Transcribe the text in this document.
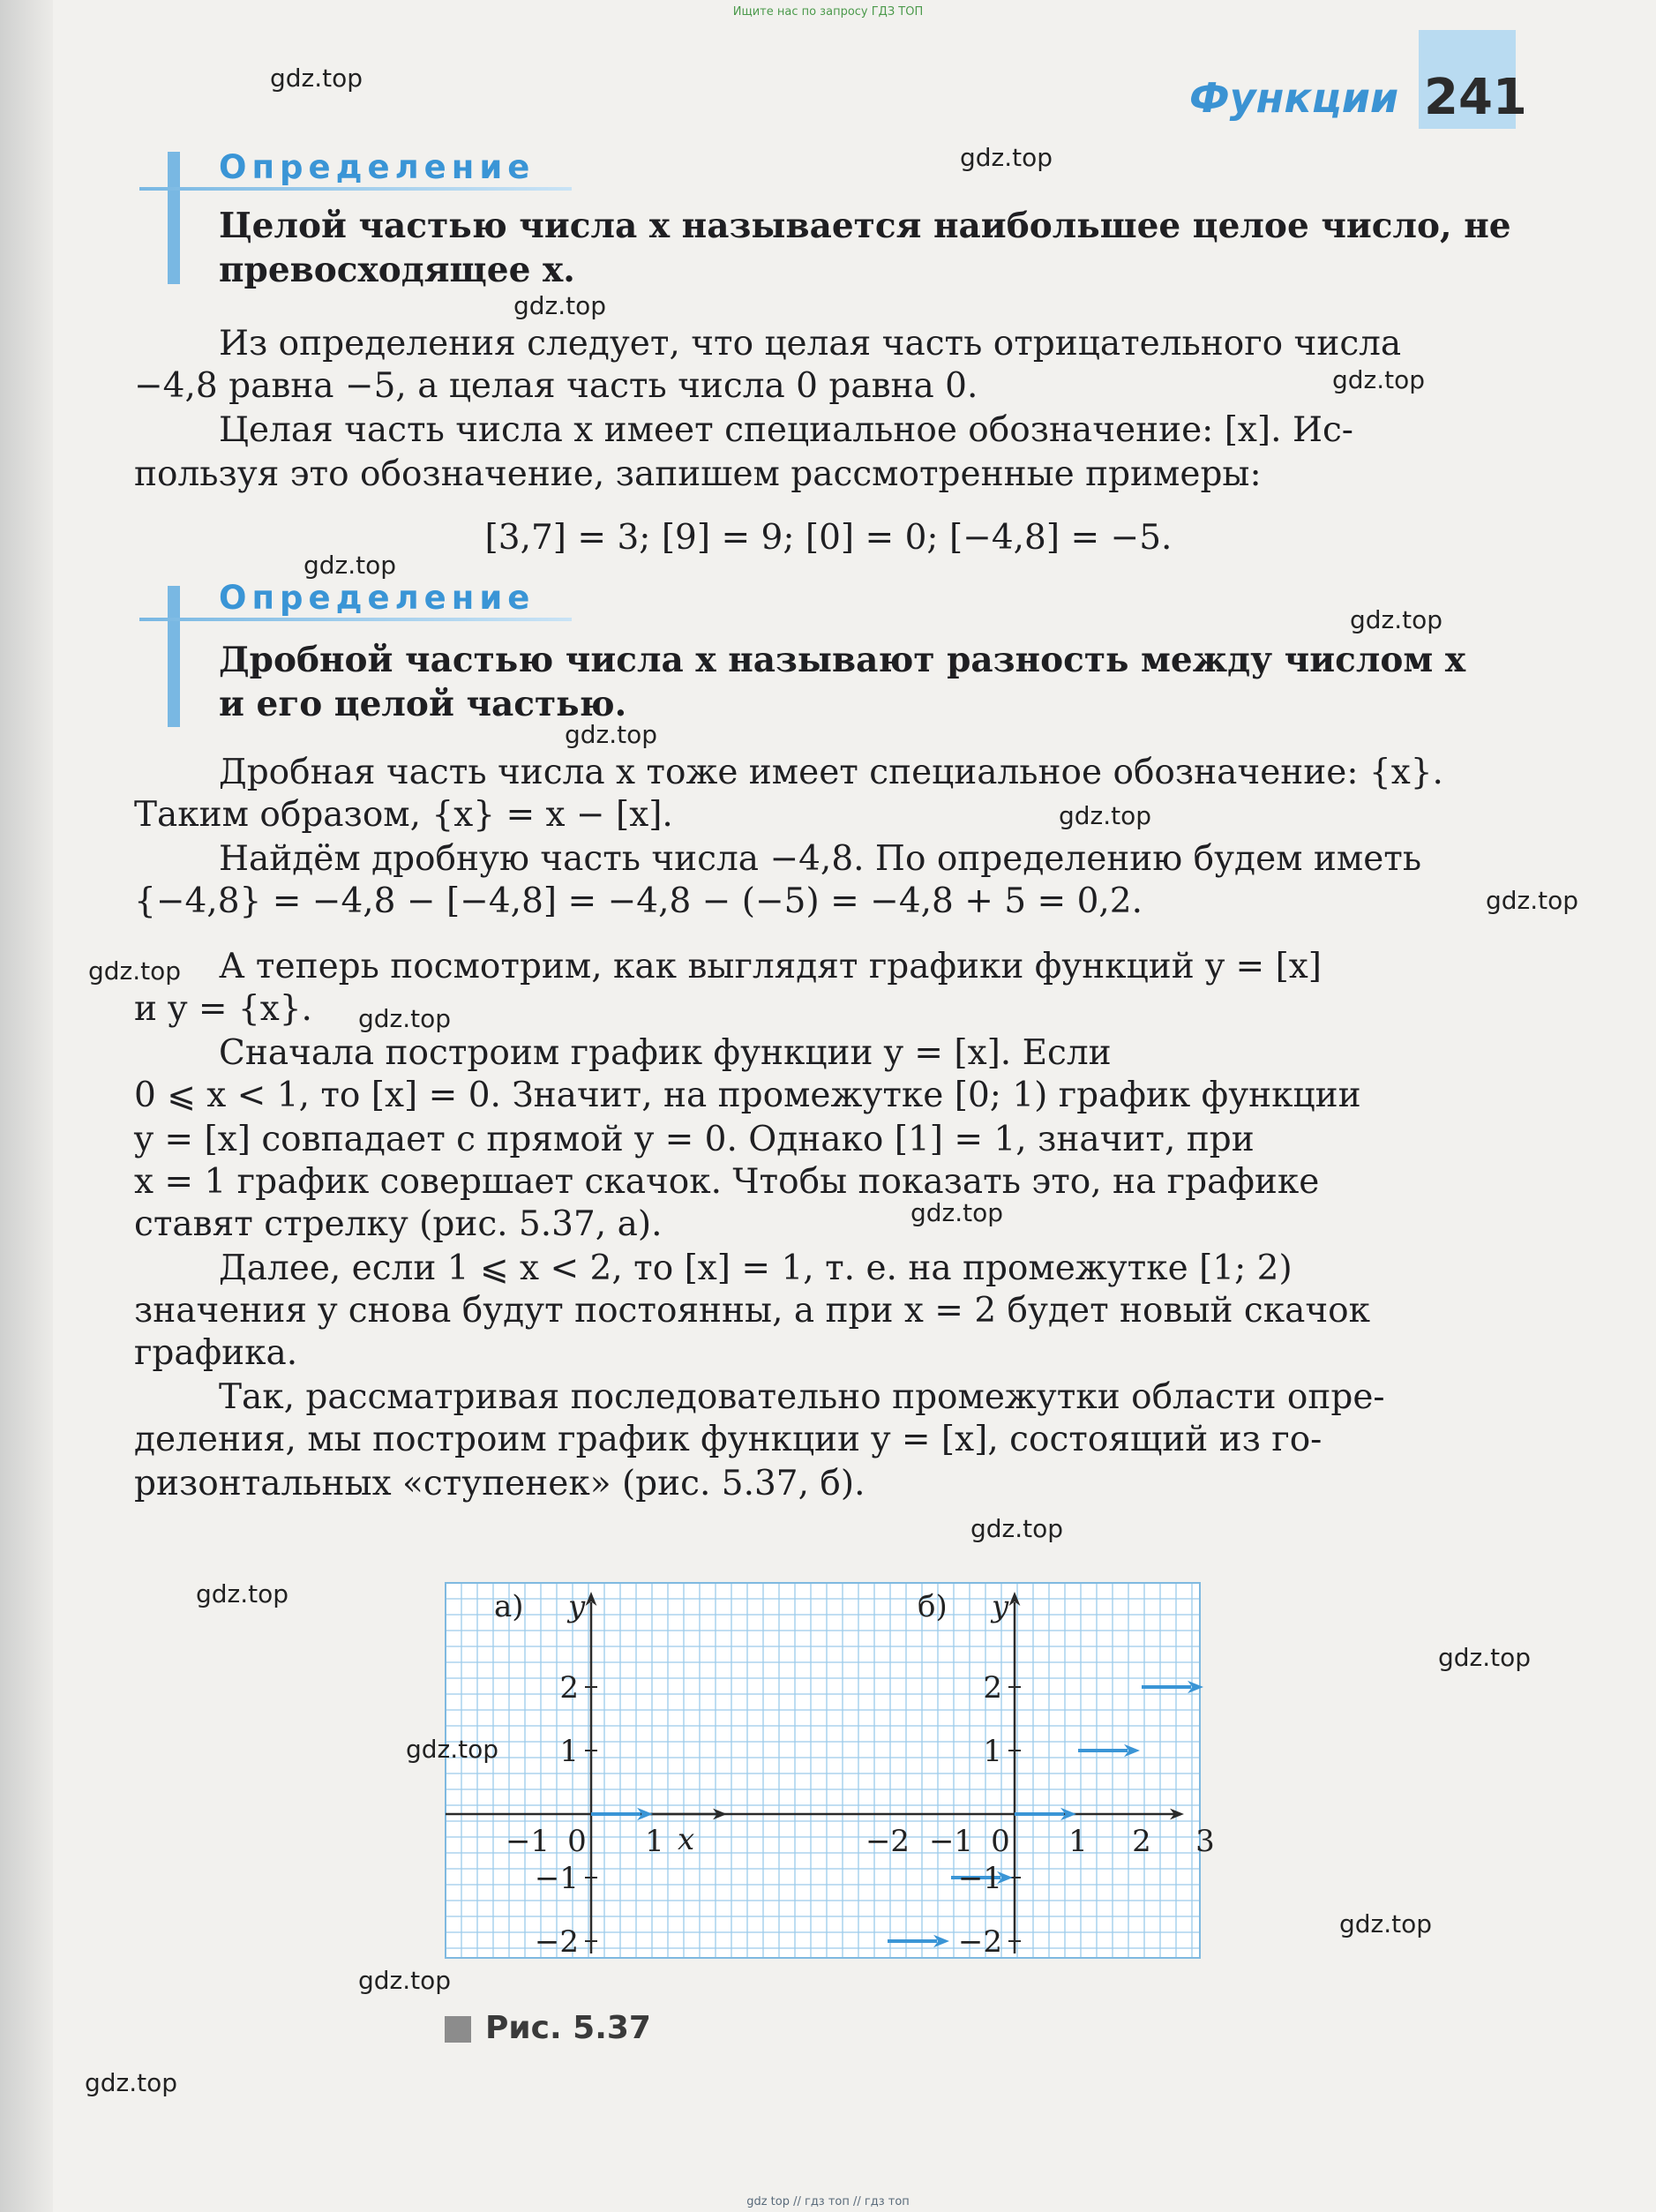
Ищите нас по запросу ГДЗ ТОП
Функции 241
Определение
Целой частью числа x называется наибольшее целое число, не
превосходящее x.
Из определения следует, что целая часть отрицательного числа
−4,8 равна −5, а целая часть числа 0 равна 0.
Целая часть числа x имеет специальное обозначение: [x]. Ис-
пользуя это обозначение, запишем рассмотренные примеры:
[3,7] = 3; [9] = 9; [0] = 0; [−4,8] = −5.
Определение
Дробной частью числа x называют разность между числом x
и его целой частью.
Дробная часть числа x тоже имеет специальное обозначение: {x}.
Таким образом, {x} = x − [x].
Найдём дробную часть числа −4,8. По определению будем иметь
{−4,8} = −4,8 − [−4,8] = −4,8 − (−5) = −4,8 + 5 = 0,2.
А теперь посмотрим, как выглядят графики функций y = [x]
и y = {x}.
Сначала построим график функции y = [x]. Если
0 ⩽ x < 1, то [x] = 0. Значит, на промежутке [0; 1) график функции
y = [x] совпадает с прямой y = 0. Однако [1] = 1, значит, при
x = 1 график совершает скачок. Чтобы показать это, на графике
ставят стрелку (рис. 5.37, а).
Далее, если 1 ⩽ x < 2, то [x] = 1, т. е. на промежутке [1; 2)
значения y снова будут постоянны, а при x = 2 будет новый скачок
графика.
Так, рассматривая последовательно промежутки области опре-
деления, мы построим график функции y = [x], состоящий из го-
ризонтальных «ступенек» (рис. 5.37, б).
а) y
x
2
1
−1
−2
−1 0 1
б) y
2
1
−1
−2
−2 −1 0 1 2 3
Рис. 5.37
gdz.top
gdz.top
gdz.top
gdz.top
gdz.top
gdz.top
gdz.top
gdz.top
gdz.top
gdz.top
gdz.top
gdz.top
gdz.top
gdz.top
gdz.top
gdz.top
gdz.top
gdz.top
gdz.top
gdz top // гдз топ // гдз топ
